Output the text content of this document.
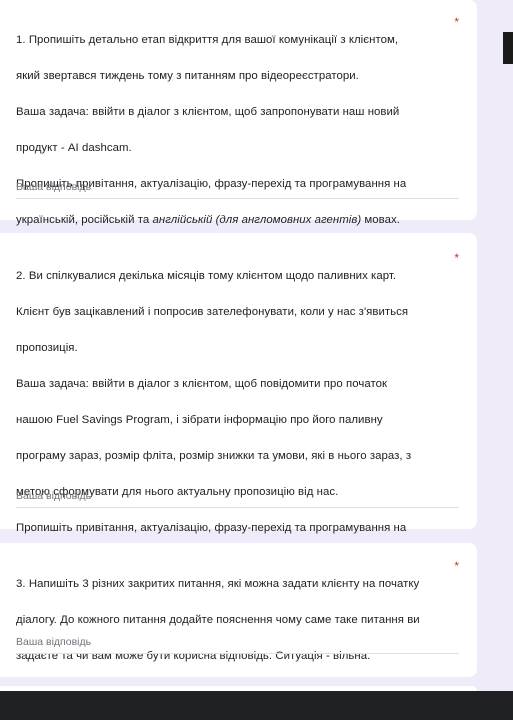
1. Пропишіть детально етап відкриття для вашої комунікації з клієнтом,

який звертався тиждень тому з питанням про відеореєстратори.

Ваша задача: ввійти в діалог з клієнтом, щоб запропонувати наш новий

продукт - AI dashcam.

Пропишіть привітання, актуалізацію, фразу-перехід та програмування на

українській, російській та англійській (для англомовних агентів) мовах.

*
Ваша відповідь

2. Ви спілкувалися декілька місяців тому клієнтом щодо паливних карт.

Клієнт був зацікавлений і попросив зателефонувати, коли у нас з'явиться

пропозиція.

Ваша задача: ввійти в діалог з клієнтом, щоб повідомити про початок

нашою Fuel Savings Program, і зібрати інформацію про його паливну

програму зараз, розмір фліта, розмір знижки та умови, які в нього зараз, з

метою сформувати для нього актуальну пропозицію від нас.

Пропишіть привітання, актуалізацію, фразу-перехід та програмування на

*
Ваша відповідь

3. Напишіть 3 різних закритих питання, які можна задати клієнту на початку

діалогу. До кожного питання додайте пояснення чому саме таке питання ви

задаєте та чи вам може бути корисна відповідь. Ситуація - вільна.

*
Ваша відповідь
